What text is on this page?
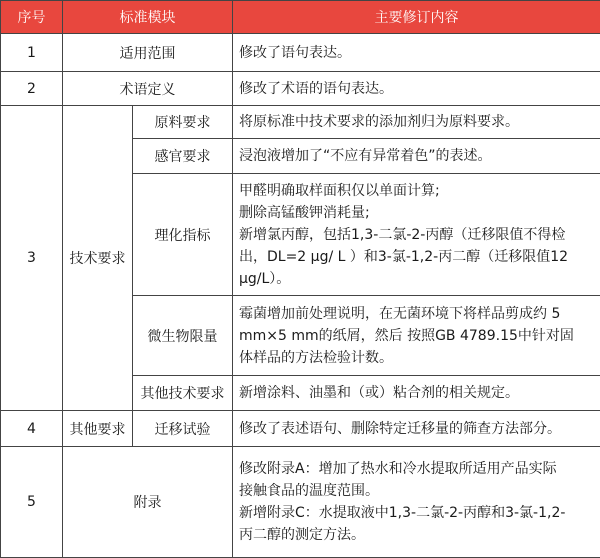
序号	标准模块		主要修订内容
1	适用范围		修改了语句表达。
2	术语定义		修改了术语的语句表达。
3	技术要求	原料要求	将原标准中技术要求的添加剂归为原料要求。
		感官要求	浸泡液增加了“不应有异常着色”的表述。
		理化指标	甲醛明确取样面积仅以单面计算;
删除高锰酸钾消耗量;
新增氯丙醇，包括1,3-二氯-2-丙醇（迁移限值不得检
出，DL=2 μg/ L ）和3-氯-1,2-丙二醇（迁移限值12
μg/L）。

		微生物限量	霉菌增加前处理说明，在无菌环境下将样品剪成约 5
mm×5 mm的纸屑，然后 按照GB 4789.15中针对固
体样品的方法检验计数。

		其他技术要求	新增涂料、油墨和（或）粘合剂的相关规定。
4	其他要求	迁移试验	修改了表述语句、删除特定迁移量的筛查方法部分。
5	附录		修改附录A：增加了热水和冷水提取所适用产品实际
接触食品的温度范围。
新增附录C：水提取液中1,3-二氯-2-丙醇和3-氯-1,2-
丙二醇的测定方法。
